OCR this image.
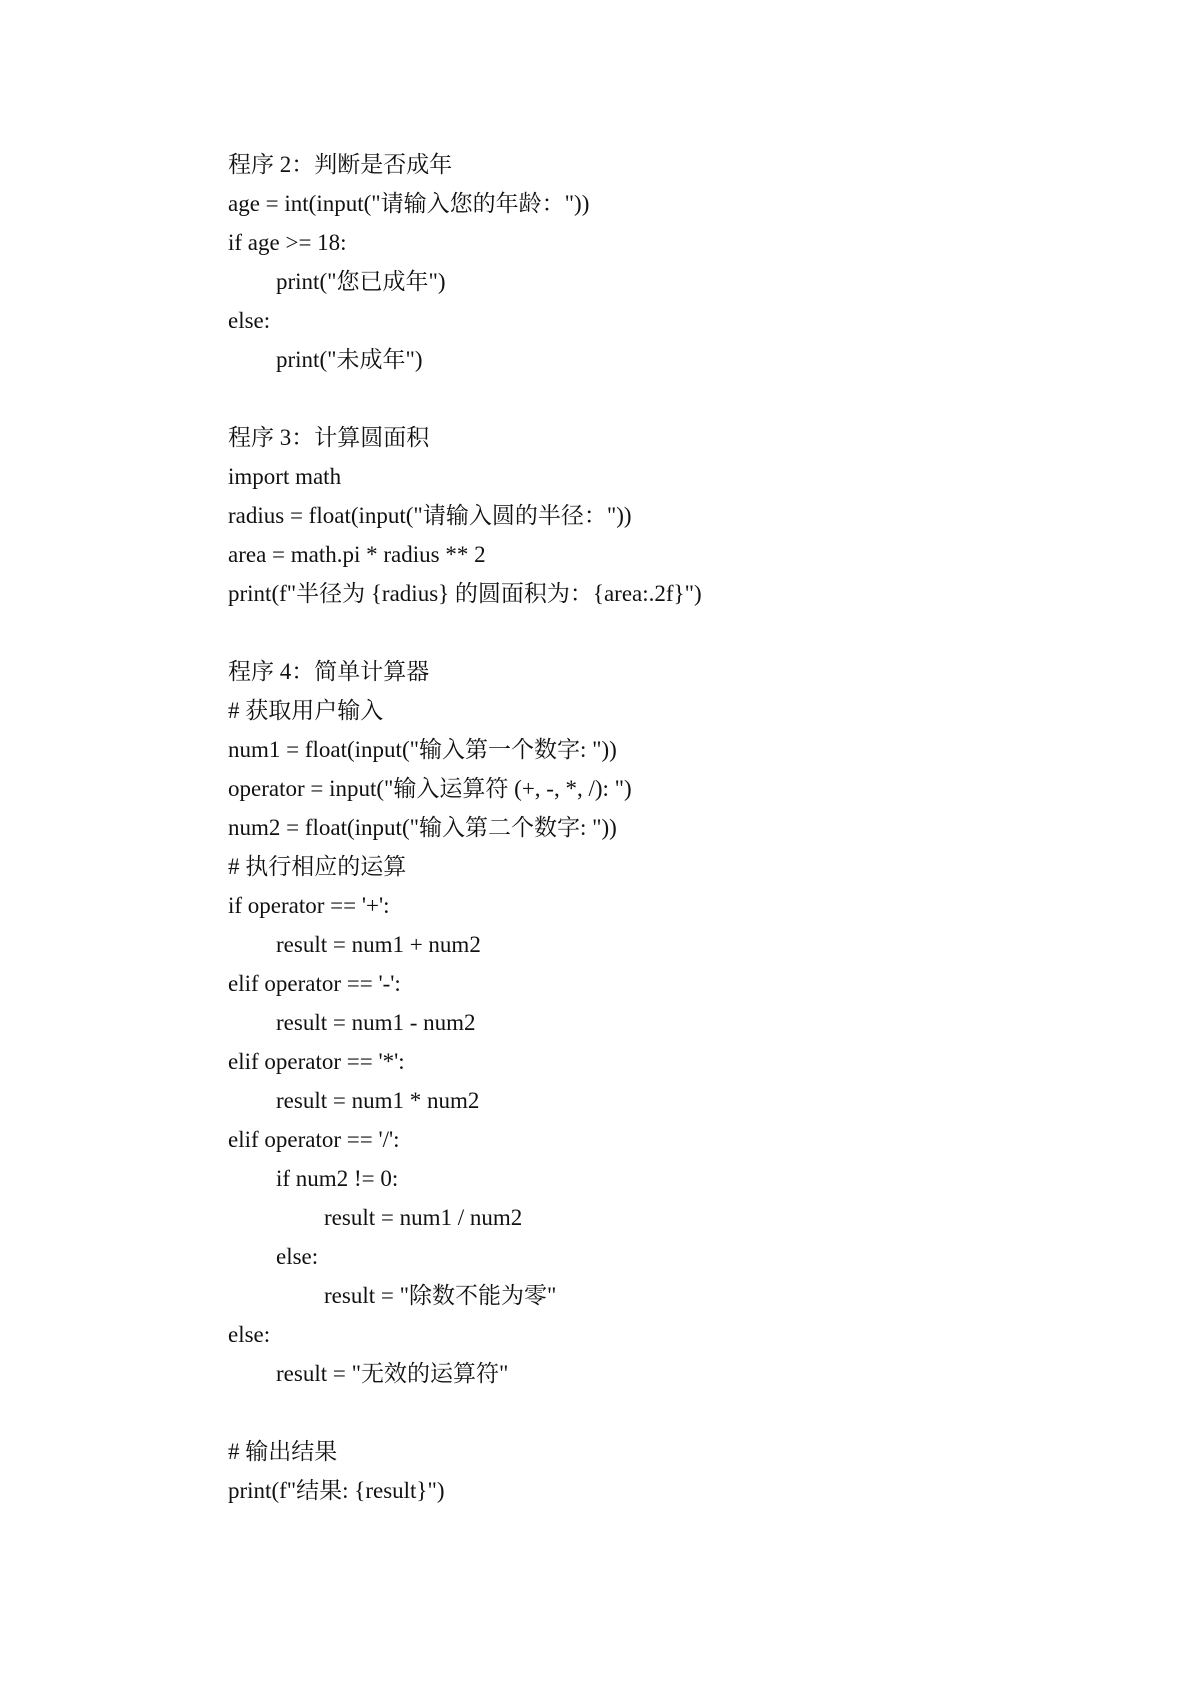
程序 2：判断是否成年
age = int(input("请输入您的年龄："))
if age >= 18:
print("您已成年")
else:
print("未成年")
程序 3：计算圆面积
import math
radius = float(input("请输入圆的半径："))
area = math.pi * radius ** 2
print(f"半径为 {radius} 的圆面积为：{area:.2f}")
程序 4：简单计算器
# 获取用户输入
num1 = float(input("输入第一个数字: "))
operator = input("输入运算符 (+, -, *, /): ")
num2 = float(input("输入第二个数字: "))
# 执行相应的运算
if operator == '+':
result = num1 + num2
elif operator == '-':
result = num1 - num2
elif operator == '*':
result = num1 * num2
elif operator == '/':
if num2 != 0:
result = num1 / num2
else:
result = "除数不能为零"
else:
result = "无效的运算符"
# 输出结果
print(f"结果: {result}")
